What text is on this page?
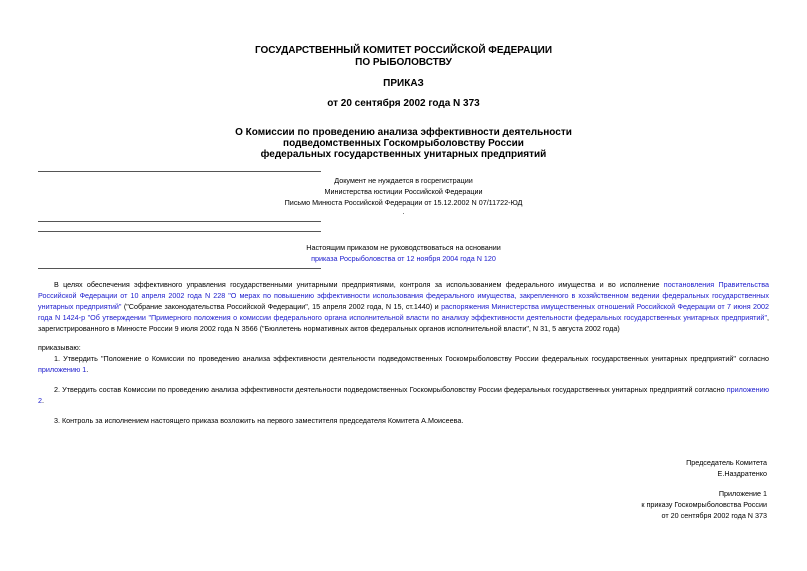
ГОСУДАРСТВЕННЫЙ КОМИТЕТ РОССИЙСКОЙ ФЕДЕРАЦИИ
ПО РЫБОЛОВСТВУ
ПРИКАЗ
от 20 сентября 2002 года N 373
О Комиссии по проведению анализа эффективности деятельности
подведомственных Госкомрыболовству России
федеральных государственных унитарных предприятий
Документ не нуждается в госрегистрации
Министерства юстиции Российской Федерации
Письмо Минюста Российской Федерации от 15.12.2002 N 07/11722-ЮД
.
Настоящим приказом не руководствоваться на основании
приказа Росрыболовства от 12 ноября 2004 года N 120
В целях обеспечения эффективного управления государственными унитарными предприятиями, контроля за использованием федерального имущества и во исполнение постановления Правительства Российской Федерации от 10 апреля 2002 года N 228 "О мерах по повышению эффективности использования федерального имущества, закрепленного в хозяйственном ведении федеральных государственных унитарных предприятий" ("Собрание законодательства Российской Федерации", 15 апреля 2002 года, N 15, ст.1440) и распоряжения Министерства имущественных отношений Российской Федерации от 7 июня 2002 года N 1424-р "Об утверждении "Примерного положения о комиссии федерального органа исполнительной власти по анализу эффективности деятельности федеральных государственных унитарных предприятий", зарегистрированного в Минюсте России 9 июля 2002 года N 3566 ("Бюллетень нормативных актов федеральных органов исполнительной власти", N 31, 5 августа 2002 года)
приказываю:
1. Утвердить "Положение о Комиссии по проведению анализа эффективности деятельности подведомственных Госкомрыболовству России федеральных государственных унитарных предприятий" согласно приложению 1.
2. Утвердить состав Комиссии по проведению анализа эффективности деятельности подведомственных Госкомрыболовству России федеральных государственных унитарных предприятий согласно приложению 2.
3. Контроль за исполнением настоящего приказа возложить на первого заместителя председателя Комитета А.Моисеева.
Председатель Комитета
Е.Наздратенко
Приложение 1
к приказу Госкомрыболовства России
от 20 сентября 2002 года N 373
